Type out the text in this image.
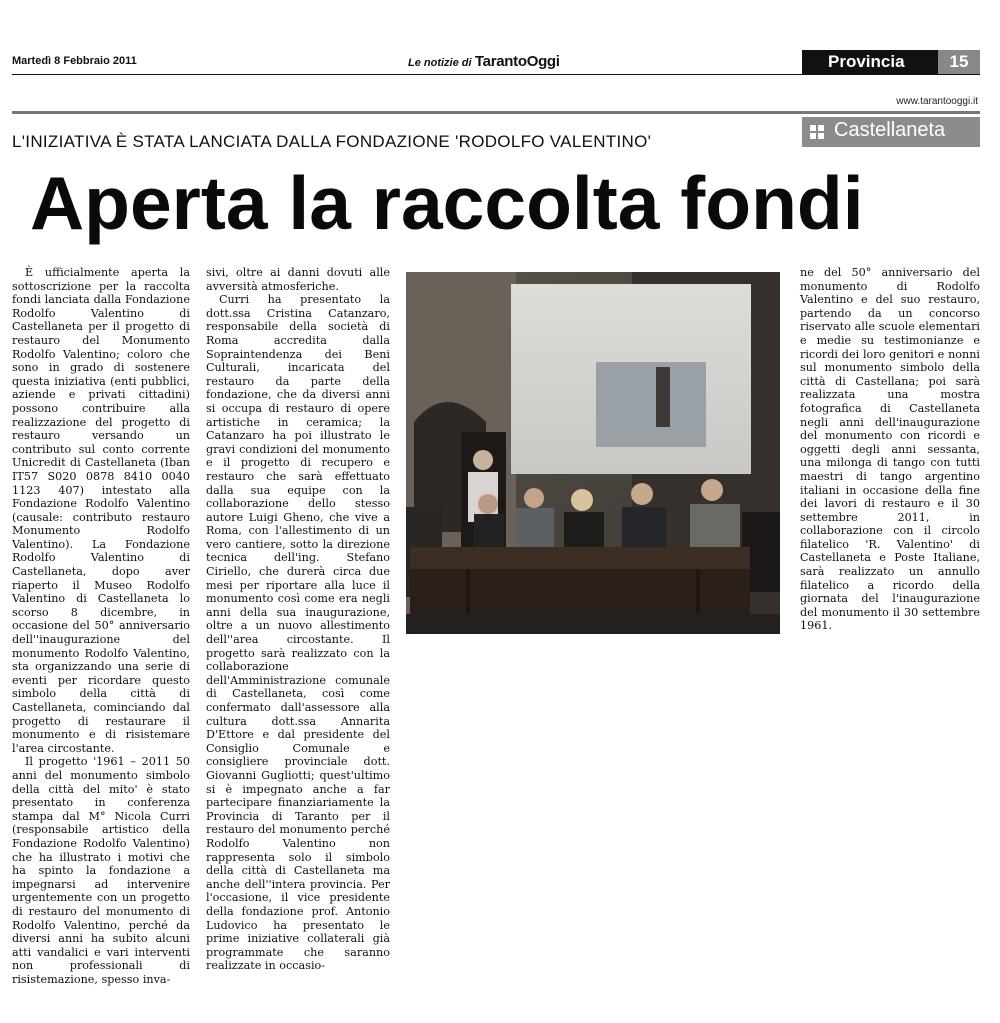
Martedì 8 Febbraio 2011	Le notizie di TarantoOggi	Provincia	15
www.tarantooggi.it
L'INIZIATIVA È STATA LANCIATA DALLA FONDAZIONE 'RODOLFO VALENTINO'
Castellaneta
Aperta la raccolta fondi

È ufficialmente aperta la sottoscrizione per la raccolta fondi lanciata dalla Fondazione Rodolfo Valentino di Castellaneta per il progetto di restauro del Monumento Rodolfo Valentino; coloro che sono in grado di sostenere questa iniziativa (enti pubblici, aziende e privati cittadini) possono contribuire alla realizzazione del progetto di restauro versando un contributo sul conto corrente Unicredit di Castellaneta (Iban IT57 S020 0878 8410 0040 1123 407) intestato alla Fondazione Rodolfo Valentino (causale: contributo restauro Monumento Rodolfo Valentino). La Fondazione Rodolfo Valentino di Castellaneta, dopo aver riaperto il Museo Rodolfo Valentino di Castellaneta lo scorso 8 dicembre, in occasione del 50° anniversario dell''inaugurazione del monumento Rodolfo Valentino, sta organizzando una serie di eventi per ricordare questo simbolo della città di Castellaneta, cominciando dal progetto di restaurare il monumento e di risistemare l'area circostante.

Il progetto '1961 – 2011 50 anni del monumento simbolo della città del mito' è stato presentato in conferenza stampa dal M° Nicola Curri (responsabile artistico della Fondazione Rodolfo Valentino) che ha illustrato i motivi che ha spinto la fondazione a impegnarsi ad intervenire urgentemente con un progetto di restauro del monumento di Rodolfo Valentino, perché da diversi anni ha subito alcuni atti vandalici e vari interventi non professionali di risistemazione, spesso inva-

sivi, oltre ai danni dovuti alle avversità atmosferiche.

Curri ha presentato la dott.ssa Cristina Catanzaro, responsabile della società di Roma accredita dalla Sopraintendenza dei Beni Culturali, incaricata del restauro da parte della fondazione, che da diversi anni si occupa di restauro di opere artistiche in ceramica; la Catanzaro ha poi illustrato le gravi condizioni del monumento e il progetto di recupero e restauro che sarà effettuato dalla sua equipe con la collaborazione dello stesso autore Luigi Gheno, che vive a Roma, con l'allestimento di un vero cantiere, sotto la direzione tecnica dell'ing. Stefano Ciriello, che durerà circa due mesi per riportare alla luce il monumento così come era negli anni della sua inaugurazione, oltre a un nuovo allestimento dell''area circostante. Il progetto sarà realizzato con la collaborazione dell'Amministrazione comunale di Castellaneta, così come confermato dall'assessore alla cultura dott.ssa Annarita D'Ettore e dal presidente del Consiglio Comunale e consigliere provinciale dott. Giovanni Gugliotti; quest'ultimo si è impegnato anche a far partecipare finanziariamente la Provincia di Taranto per il restauro del monumento perché Rodolfo Valentino non rappresenta solo il simbolo della città di Castellaneta ma anche dell''intera provincia. Per l'occasione, il vice presidente della fondazione prof. Antonio Ludovico ha presentato le prime iniziative collaterali già programmate che saranno realizzate in occasio-

ne del 50° anniversario del monumento di Rodolfo Valentino e del suo restauro, partendo da un concorso riservato alle scuole elementari e medie su testimonianze e ricordi dei loro genitori e nonni sul monumento simbolo della città di Castellana; poi sarà realizzata una mostra fotografica di Castellaneta negli anni dell'inaugurazione del monumento con ricordi e oggetti degli anni sessanta, una milonga di tango con tutti maestri di tango argentino italiani in occasione della fine dei lavori di restauro e il 30 settembre 2011, in collaborazione con il circolo filatelico 'R. Valentino' di Castellaneta e Poste Italiane, sarà realizzato un annullo filatelico a ricordo della giornata del l'inaugurazione del monumento il 30 settembre 1961.
